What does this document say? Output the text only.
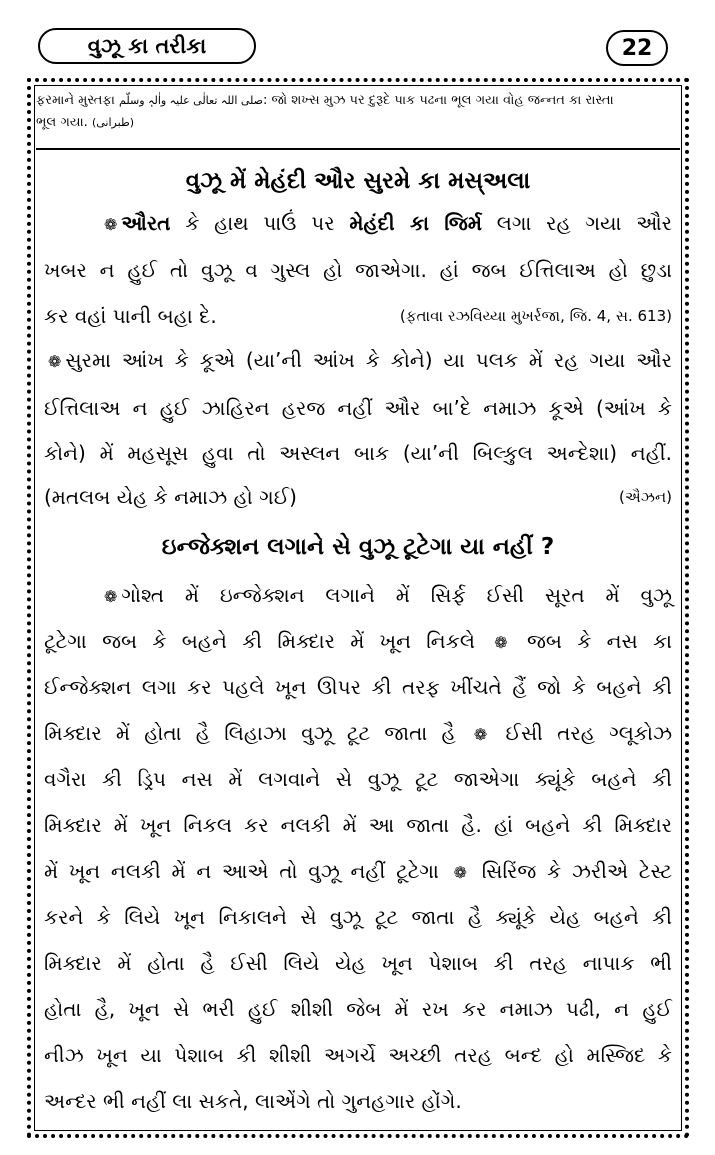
વુઝૂ કા તરીકા	22
ફરમાને મુસ્તફા صلی اللہ تعالٰی علیہ واٰلہٖ وسلّم: જો શખ્સ મુઝ પર દુરૂદે પાક પઢના ભૂલ ગયા વોહ જન્નત કા રાસ્તા
ભૂલ ગયા. (طبرانی)
વુઝૂ મેં મેહંદી ઔર સુરમે કા મસ્અલા
❁ ઔરત કે હાથ પાઉં પર મેહંદી કા જિર્મ લગા રહ ગયા ઔર
ખબર ન હુઈ તો વુઝૂ વ ગુસ્લ હો જાએગા. હાં જબ ઈત્તિલાઅ હો છુડા
કર વહાં પાની બહા દે.	(ફતાવા રઝવિય્યા મુખર્રજા, જિ. 4, સ. 613)
❁ સુરમા આંખ કે કૂએ (યા’ની આંખ કે કોને) યા પલક મેં રહ ગયા ઔર
ઈત્તિલાઅ ન હુઈ ઝાહિરન હરજ નહીં ઔર બા’દે નમાઝ કૂએ (આંખ કે
કોને) મેં મહસૂસ હુવા તો અસ્લન બાક (યા’ની બિલ્કુલ અન્દેશા) નહીં.
(મતલબ યેહ કે નમાઝ હો ગઈ)	(ઐઝન)
ઇન્જેક્શન લગાને સે વુઝૂ ટૂટેગા યા નહીં ?
❁ ગોશ્ત મેં ઇન્જેક્શન લગાને મેં સિર્ફ ઈસી સૂરત મેં વુઝૂ
ટૂટેગા જબ કે બહને કી મિક્દાર મેં ખૂન નિકલે ❁ જબ કે નસ કા
ઈન્જેક્શન લગા કર પહલે ખૂન ઊપર કી તરફ ખીંચતે હૈં જો કે બહને કી
મિક્દાર મેં હોતા હૈ લિહાઝા વુઝૂ ટૂટ જાતા હૈ ❁ ઈસી તરહ ગ્લૂકોઝ
વગૈરા કી ડ્રિપ નસ મેં લગવાને સે વુઝૂ ટૂટ જાએગા ક્યૂંકે બહને કી
મિક્દાર મેં ખૂન નિકલ કર નલકી મેં આ જાતા હૈ. હાં બહને કી મિક્દાર
મેં ખૂન નલકી મેં ન આએ તો વુઝૂ નહીં ટૂટેગા ❁ સિરિંજ કે ઝરીએ ટેસ્ટ
કરને કે લિયે ખૂન નિકાલને સે વુઝૂ ટૂટ જાતા હૈ ક્યૂંકે યેહ બહને કી
મિક્દાર મેં હોતા હૈ ઈસી લિયે યેહ ખૂન પેશાબ કી તરહ નાપાક ભી
હોતા હૈ, ખૂન સે ભરી હુઈ શીશી જેબ મેં રખ કર નમાઝ પઢી, ન હુઈ
નીઝ ખૂન યા પેશાબ કી શીશી અગર્ચે અચ્છી તરહ બન્દ હો મસ્જિદ કે
અન્દર ભી નહીં લા સકતે, લાએંગે તો ગુનહગાર હોંગે.
